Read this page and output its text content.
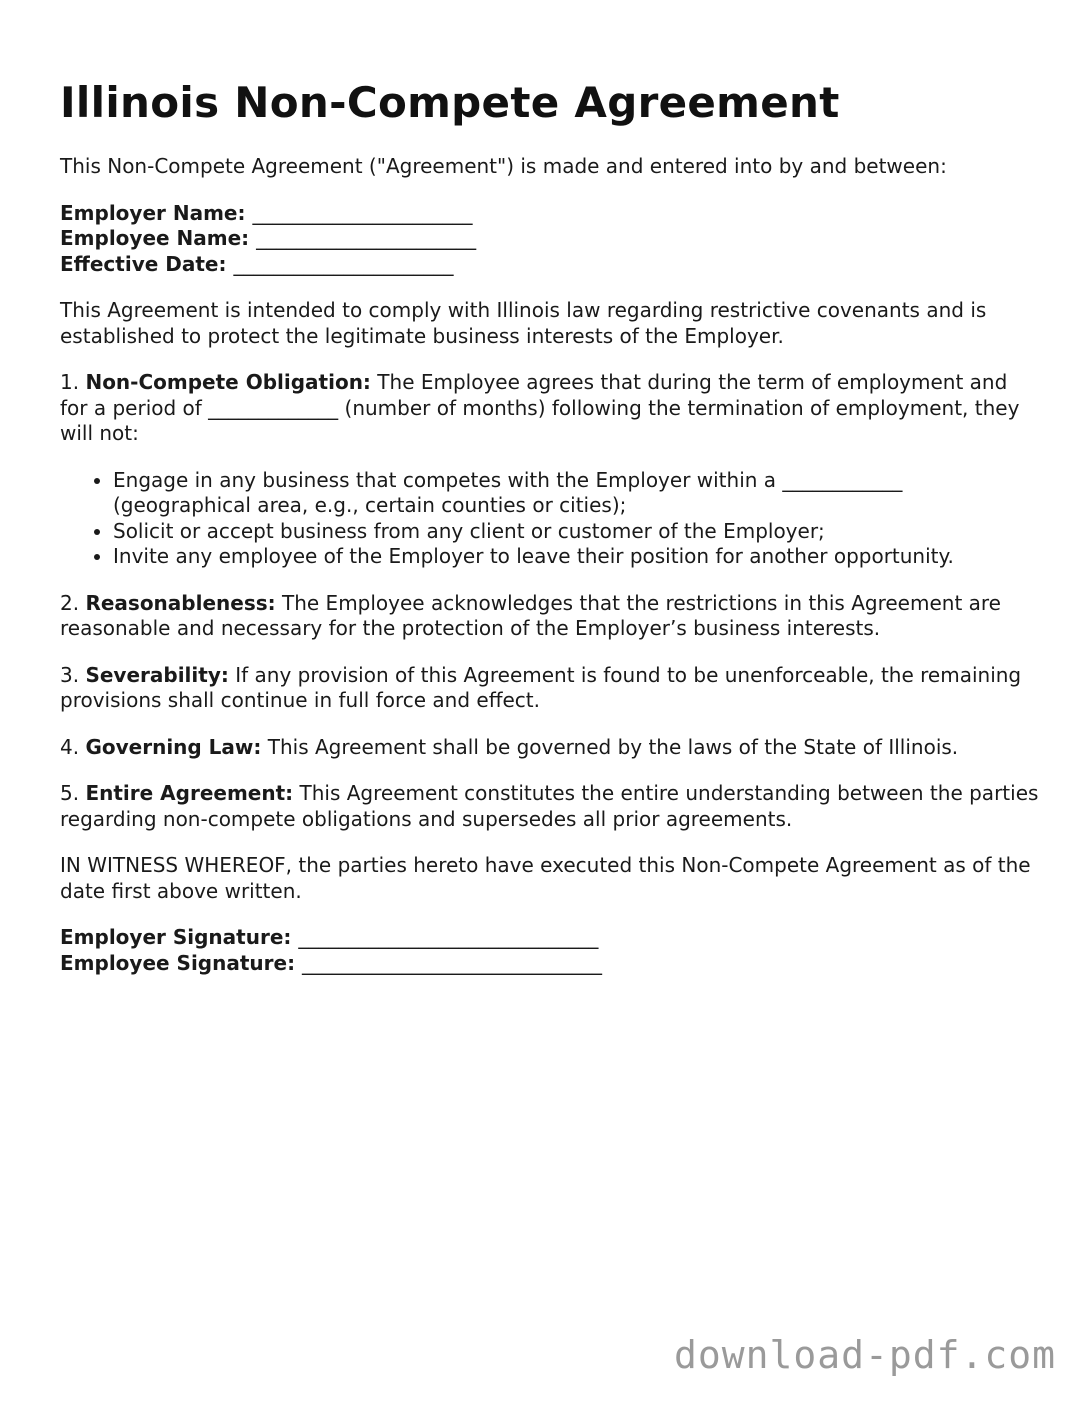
Illinois Non-Compete Agreement

This Non-Compete Agreement ("Agreement") is made and entered into by and between:

Employer Name: ______________________
Employee Name: ______________________
Effective Date: ______________________

This Agreement is intended to comply with Illinois law regarding restrictive covenants and is established to protect the legitimate business interests of the Employer.

1. Non-Compete Obligation: The Employee agrees that during the term of employment and for a period of _____________ (number of months) following the termination of employment, they will not:

• Engage in any business that competes with the Employer within a ____________ (geographical area, e.g., certain counties or cities);
• Solicit or accept business from any client or customer of the Employer;
• Invite any employee of the Employer to leave their position for another opportunity.

2. Reasonableness: The Employee acknowledges that the restrictions in this Agreement are reasonable and necessary for the protection of the Employer’s business interests.

3. Severability: If any provision of this Agreement is found to be unenforceable, the remaining provisions shall continue in full force and effect.

4. Governing Law: This Agreement shall be governed by the laws of the State of Illinois.

5. Entire Agreement: This Agreement constitutes the entire understanding between the parties regarding non-compete obligations and supersedes all prior agreements.

IN WITNESS WHEREOF, the parties hereto have executed this Non-Compete Agreement as of the date first above written.

Employer Signature: ______________________________
Employee Signature: ______________________________
download-pdf.com
